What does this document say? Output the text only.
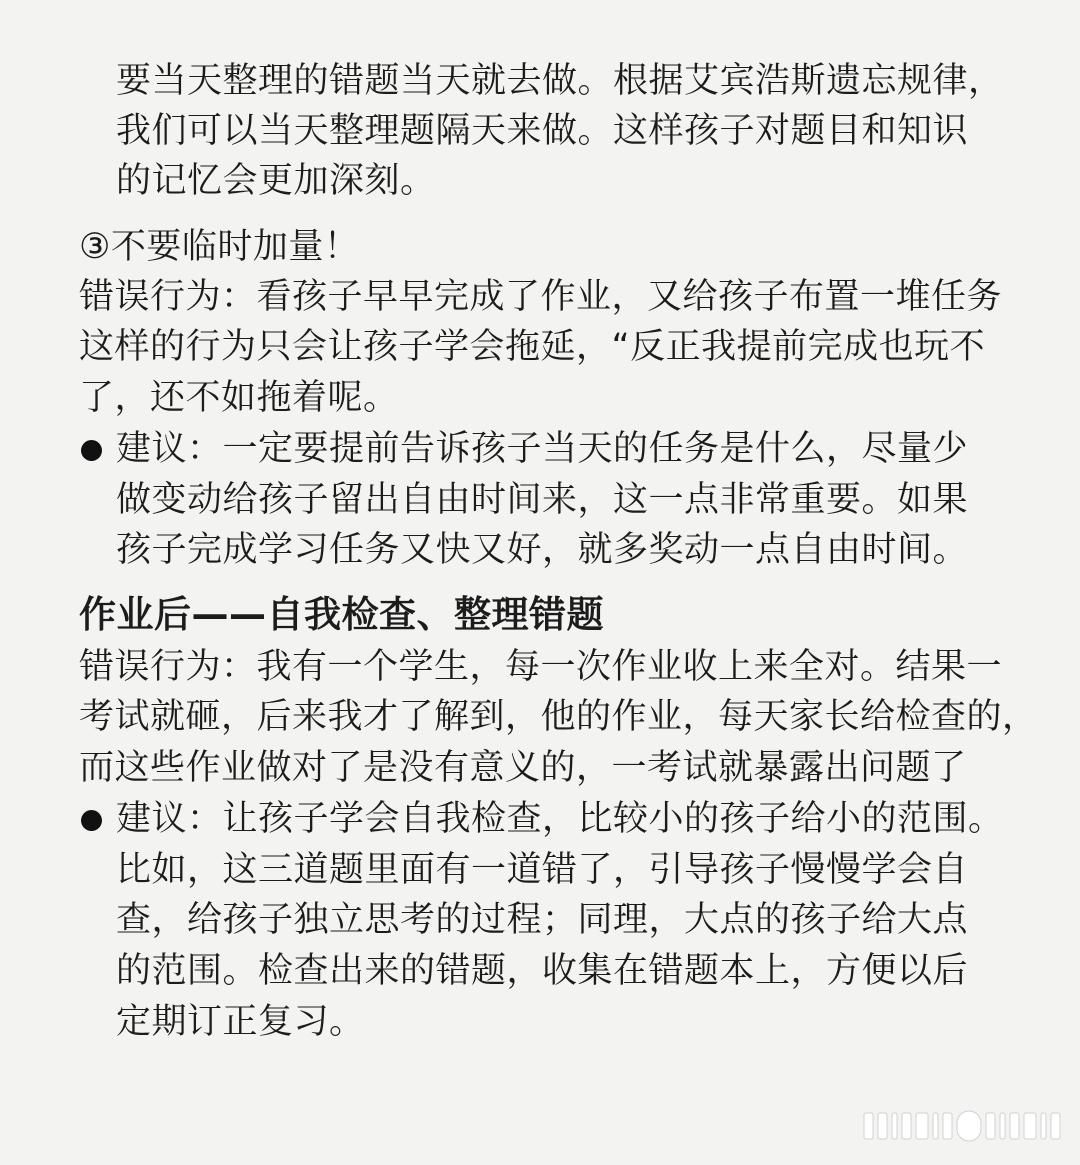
要当天整理的错题当天就去做。根据艾宾浩斯遗忘规律，
我们可以当天整理题隔天来做。这样孩子对题目和知识
的记忆会更加深刻。
③不要临时加量！
错误行为：看孩子早早完成了作业，又给孩子布置一堆任务
这样的行为只会让孩子学会拖延，“反正我提前完成也玩不
了，还不如拖着呢。
建议：一定要提前告诉孩子当天的任务是什么，尽量少
做变动给孩子留出自由时间来，这一点非常重要。如果
孩子完成学习任务又快又好，就多奖动一点自由时间。
作业后——自我检查、整理错题
错误行为：我有一个学生，每一次作业收上来全对。结果一
考试就砸，后来我才了解到，他的作业，每天家长给检查的，
而这些作业做对了是没有意义的，一考试就暴露出问题了
建议：让孩子学会自我检查，比较小的孩子给小的范围。
比如，这三道题里面有一道错了，引导孩子慢慢学会自
查，给孩子独立思考的过程；同理，大点的孩子给大点
的范围。检查出来的错题，收集在错题本上，方便以后
定期订正复习。
